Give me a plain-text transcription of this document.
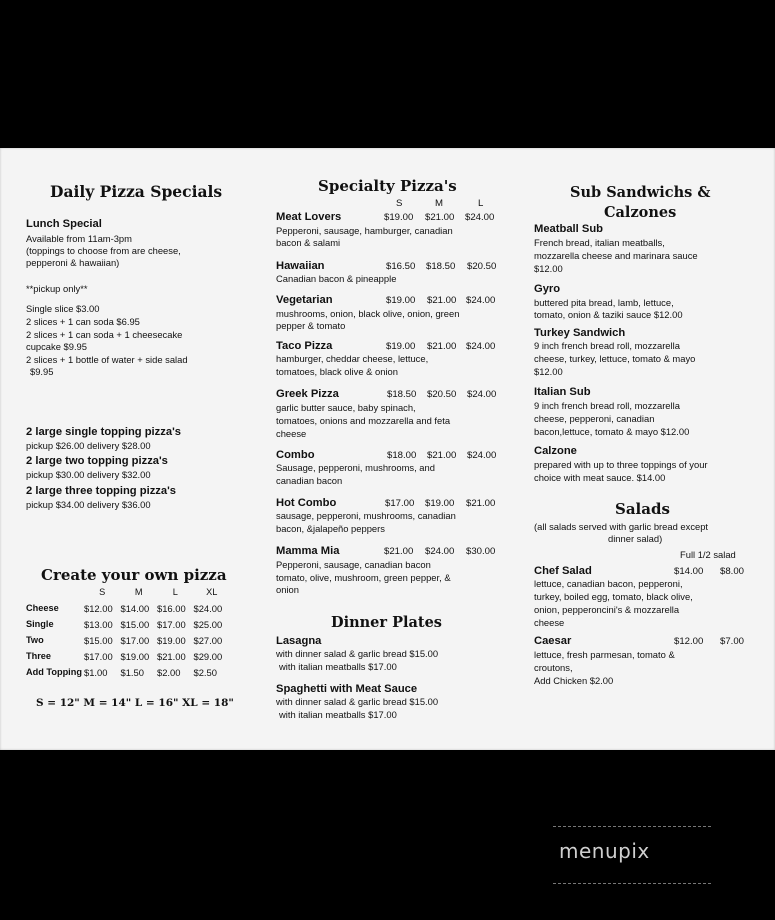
Daily Pizza Specials
Lunch Special
Available from 11am-3pm
(toppings to choose from are cheese,
pepperoni & hawaiian)
**pickup only**
Single slice $3.00
2 slices + 1 can soda $6.95
2 slices + 1 can soda + 1 cheesecake
cupcake $9.95
2 slices + 1 bottle of water + side salad
$9.95
2 large single topping pizza's
pickup $26.00 delivery $28.00
2 large two topping pizza's
pickup $30.00 delivery $32.00
2 large three topping pizza's
pickup $34.00 delivery $36.00
Create your own pizza
	S	M	L	XL
Cheese	$12.00	$14.00	$16.00	$24.00
Single	$13.00	$15.00	$17.00	$25.00
Two	$15.00	$17.00	$19.00	$27.00
Three	$17.00	$19.00	$21.00	$29.00
Add Topping	$1.00	$1.50	$2.00	$2.50
S = 12" M = 14" L = 16" XL = 18"
Specialty Pizza's
S	M	L
Meat Lovers	$19.00 $21.00 $24.00
Pepperoni, sausage, hamburger, canadian
bacon & salami
Hawaiian	$16.50 $18.50 $20.50
Canadian bacon & pineapple
Vegetarian	$19.00 $21.00 $24.00
mushrooms, onion, black olive, onion, green
pepper & tomato
Taco Pizza	$19.00 $21.00 $24.00
hamburger, cheddar cheese, lettuce,
tomatoes, black olive & onion
Greek Pizza	$18.50 $20.50 $24.00
garlic butter sauce, baby spinach,
tomatoes, onions and mozzarella and feta
cheese
Combo	$18.00 $21.00 $24.00
Sausage, pepperoni, mushrooms, and
canadian bacon
Hot Combo	$17.00 $19.00 $21.00
sausage, pepperoni, mushrooms, canadian
bacon, &jalapeño peppers
Mamma Mia	$21.00 $24.00 $30.00
Pepperoni, sausage, canadian bacon
tomato, olive, mushroom, green pepper, &
onion
Dinner Plates
Lasagna
with dinner salad & garlic bread $15.00
with italian meatballs $17.00
Spaghetti with Meat Sauce
with dinner salad & garlic bread $15.00
with italian meatballs $17.00
Sub Sandwichs &
Calzones
Meatball Sub
French bread, italian meatballs,
mozzarella cheese and marinara sauce
$12.00
Gyro
buttered pita bread, lamb, lettuce,
tomato, onion & taziki sauce $12.00
Turkey Sandwich
9 inch french bread roll, mozzarella
cheese, turkey, lettuce, tomato & mayo
$12.00
Italian Sub
9 inch french bread roll, mozzarella
cheese, pepperoni, canadian
bacon,lettuce, tomato & mayo $12.00
Calzone
prepared with up to three toppings of your
choice with meat sauce. $14.00
Salads
(all salads served with garlic bread except
dinner salad)
Full 1/2 salad
Chef Salad	$14.00 $8.00
lettuce, canadian bacon, pepperoni,
turkey, boiled egg, tomato, black olive,
onion, pepperoncini's & mozzarella
cheese
Caesar	$12.00 $7.00
lettuce, fresh parmesan, tomato &
croutons,
Add Chicken $2.00
menupix
